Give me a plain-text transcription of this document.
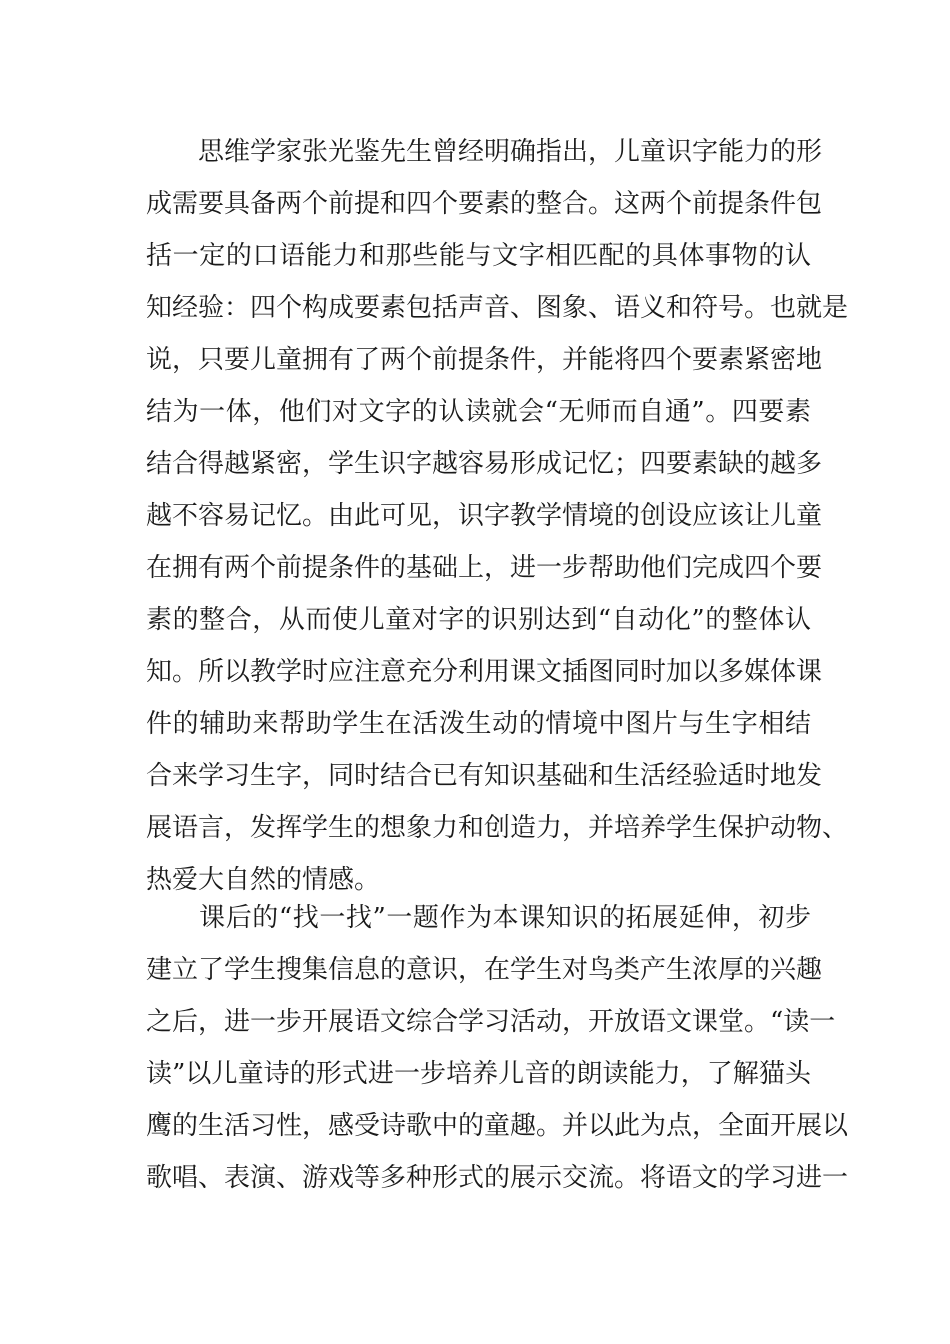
　　思维学家张光鉴先生曾经明确指出，儿童识字能力的形
成需要具备两个前提和四个要素的整合。这两个前提条件包
括一定的口语能力和那些能与文字相匹配的具体事物的认
知经验：四个构成要素包括声音、图象、语义和符号。也就是
说，只要儿童拥有了两个前提条件，并能将四个要素紧密地
结为一体，他们对文字的认读就会“无师而自通”。四要素
结合得越紧密，学生识字越容易形成记忆；四要素缺的越多
越不容易记忆。由此可见，识字教学情境的创设应该让儿童
在拥有两个前提条件的基础上，进一步帮助他们完成四个要
素的整合，从而使儿童对字的识别达到“自动化”的整体认
知。所以教学时应注意充分利用课文插图同时加以多媒体课
件的辅助来帮助学生在活泼生动的情境中图片与生字相结
合来学习生字，同时结合已有知识基础和生活经验适时地发
展语言，发挥学生的想象力和创造力，并培养学生保护动物、
热爱大自然的情感。
　　课后的“找一找”一题作为本课知识的拓展延伸，初步
建立了学生搜集信息的意识，在学生对鸟类产生浓厚的兴趣
之后，进一步开展语文综合学习活动，开放语文课堂。“读一
读”以儿童诗的形式进一步培养儿音的朗读能力，了解猫头
鹰的生活习性，感受诗歌中的童趣。并以此为点，全面开展以
歌唱、表演、游戏等多种形式的展示交流。将语文的学习进一
